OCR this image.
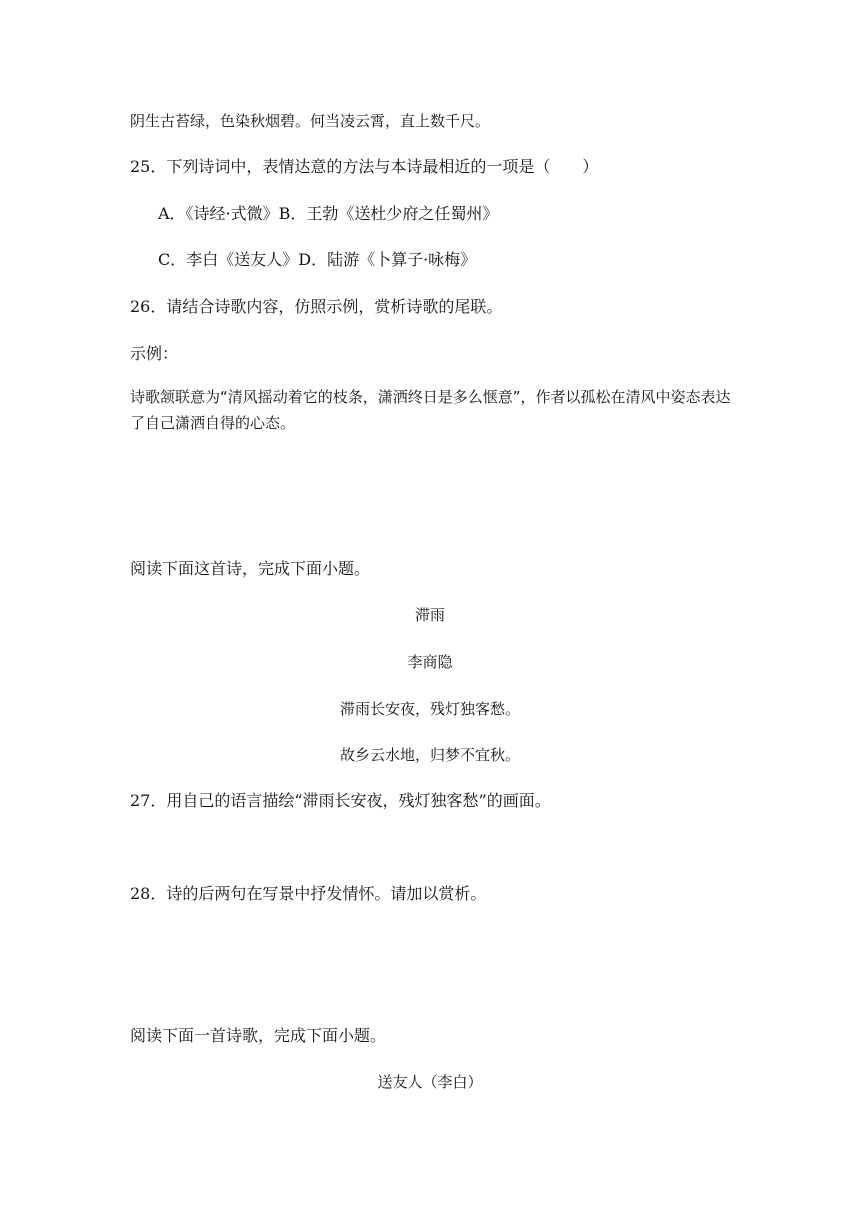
阴生古苔绿，色染秋烟碧。何当凌云霄，直上数千尺。
25．下列诗词中，表情达意的方法与本诗最相近的一项是（　　）
A．《诗经·式微》B．王勃《送杜少府之任蜀州》
C．李白《送友人》D．陆游《卜算子·咏梅》
26．请结合诗歌内容，仿照示例，赏析诗歌的尾联。
示例：
诗歌颔联意为“清风摇动着它的枝条，潇洒终日是多么惬意”，作者以孤松在清风中姿态表达了自己潇洒自得的心态。
阅读下面这首诗，完成下面小题。
滞雨
李商隐
滞雨长安夜，残灯独客愁。
故乡云水地，归梦不宜秋。
27．用自己的语言描绘“滞雨长安夜，残灯独客愁”的画面。
28．诗的后两句在写景中抒发情怀。请加以赏析。
阅读下面一首诗歌，完成下面小题。
送友人（李白）
